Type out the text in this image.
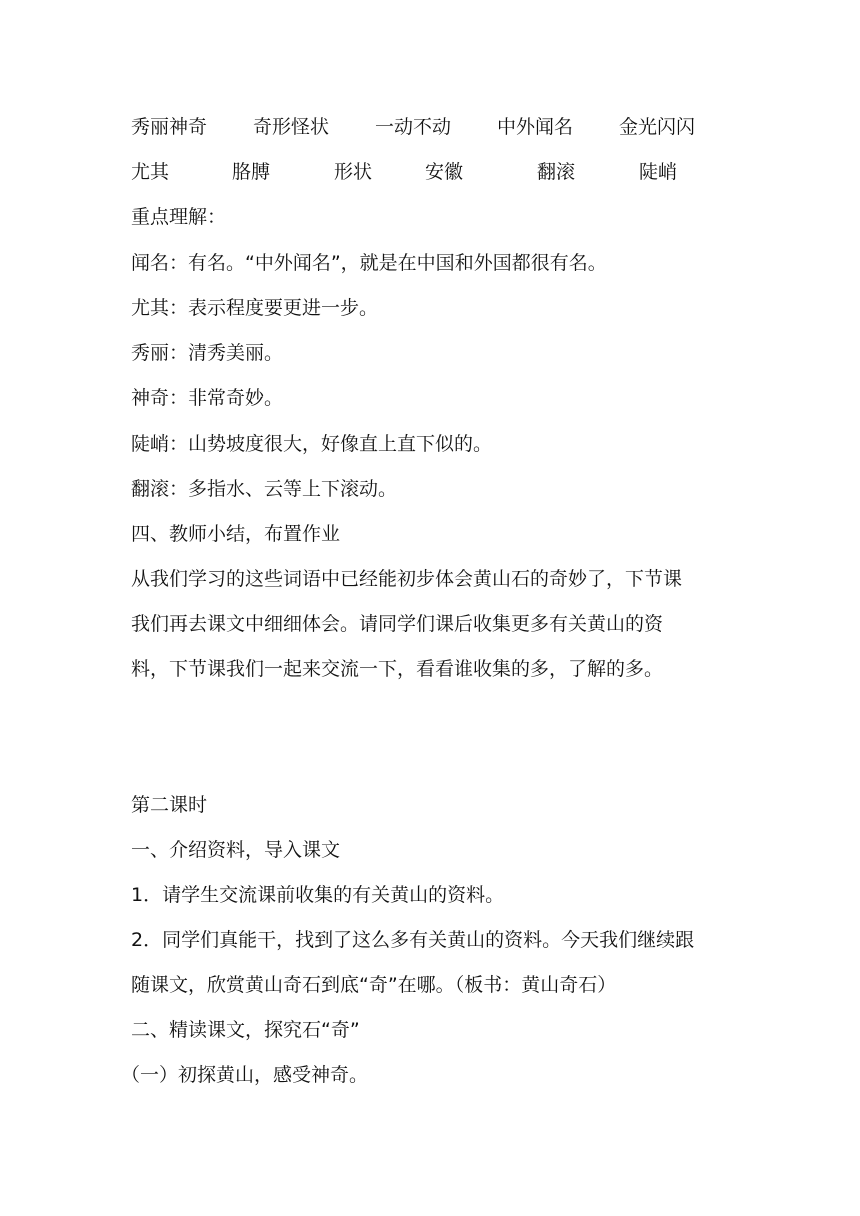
秀丽神奇 奇形怪状 一动不动 中外闻名 金光闪闪
尤其	胳膊	形状	安徽	翻滚	陡峭
重点理解：
闻名：有名。“中外闻名”，就是在中国和外国都很有名。
尤其：表示程度要更进一步。
秀丽：清秀美丽。
神奇：非常奇妙。
陡峭：山势坡度很大，好像直上直下似的。
翻滚：多指水、云等上下滚动。
四、教师小结，布置作业
从我们学习的这些词语中已经能初步体会黄山石的奇妙了，下节课
我们再去课文中细细体会。请同学们课后收集更多有关黄山的资
料，下节课我们一起来交流一下，看看谁收集的多，了解的多。
第二课时
一、介绍资料，导入课文
1．请学生交流课前收集的有关黄山的资料。
2．同学们真能干，找到了这么多有关黄山的资料。今天我们继续跟
随课文，欣赏黄山奇石到底“奇”在哪。（板书：黄山奇石）
二、精读课文，探究石“奇”
（一）初探黄山，感受神奇。
